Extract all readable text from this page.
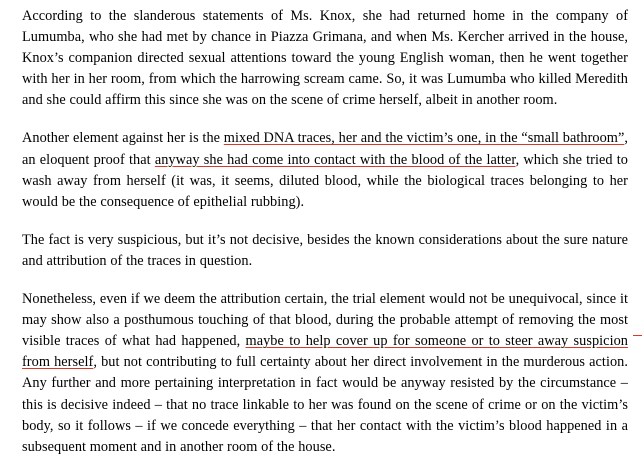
According to the slanderous statements of Ms. Knox, she had returned home in the company of Lumumba, who she had met by chance in Piazza Grimana, and when Ms. Kercher arrived in the house, Knox’s companion directed sexual attentions toward the young English woman, then he went together with her in her room, from which the harrowing scream came. So, it was Lumumba who killed Meredith and she could affirm this since she was on the scene of crime herself, albeit in another room.

Another element against her is the mixed DNA traces, her and the victim’s one, in the “small bathroom”, an eloquent proof that anyway she had come into contact with the blood of the latter, which she tried to wash away from herself (it was, it seems, diluted blood, while the biological traces belonging to her would be the consequence of epithelial rubbing).

The fact is very suspicious, but it’s not decisive, besides the known considerations about the sure nature and attribution of the traces in question.

Nonetheless, even if we deem the attribution certain, the trial element would not be unequivocal, since it may show also a posthumous touching of that blood, during the probable attempt of removing the most visible traces of what had happened, maybe to help cover up for someone or to steer away suspicion from herself, but not contributing to full certainty about her direct involvement in the murderous action. Any further and more pertaining interpretation in fact would be anyway resisted by the circumstance – this is decisive indeed – that no trace linkable to her was found on the scene of crime or on the victim’s body, so it follows – if we concede everything – that her contact with the victim’s blood happened in a subsequent moment and in another room of the house.
